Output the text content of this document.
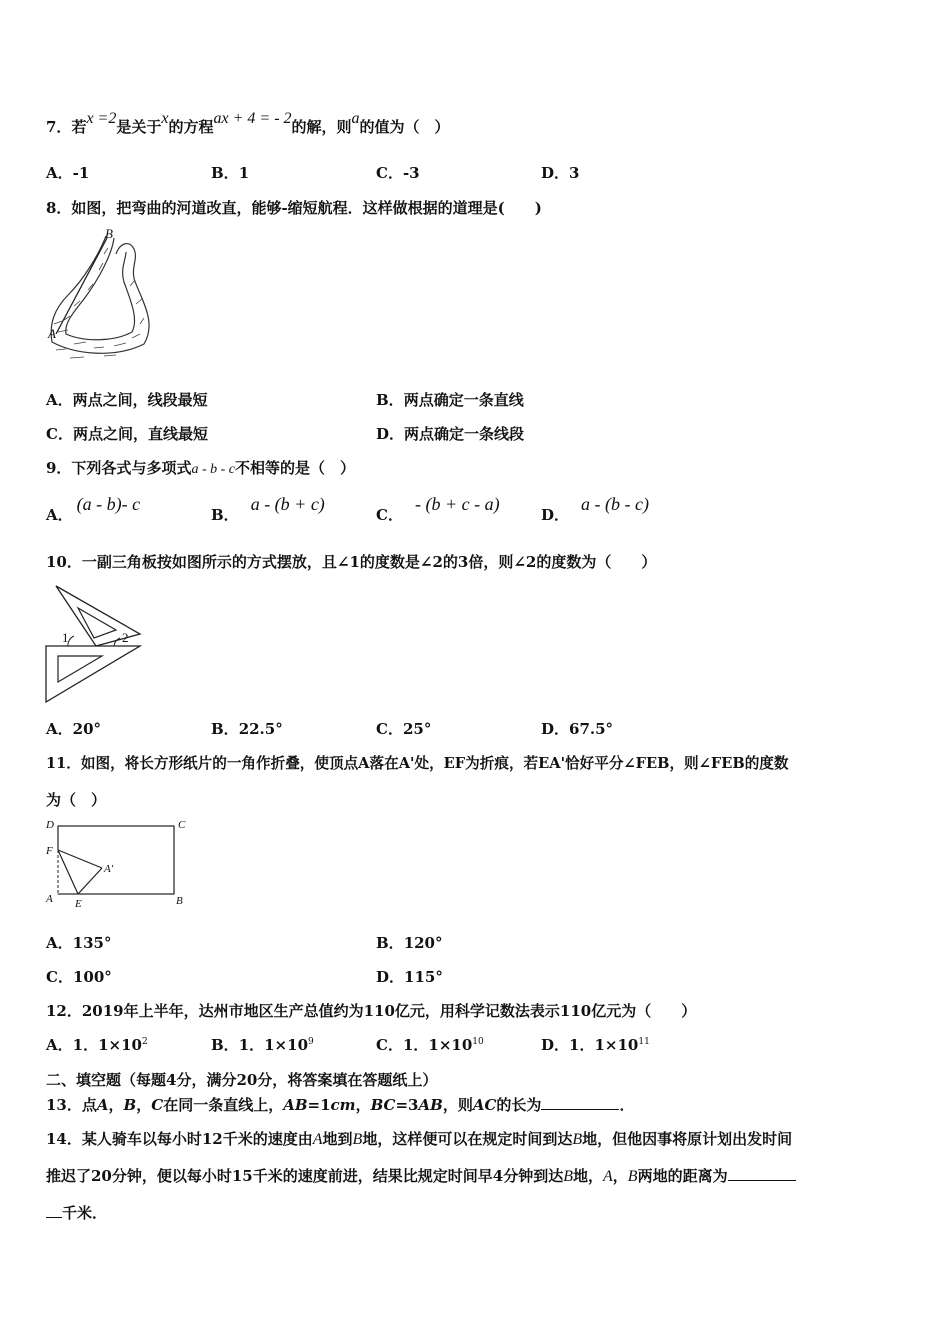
7．若x =2是关于x的方程ax + 4 = - 2的解，则a的值为（　）
A．-1	B．1	C．-3	D．3
8．如图，把弯曲的河道改直，能够-缩短航程．这样做根据的道理是(　　)
B
A
A．两点之间，线段最短	B．两点确定一条直线
C．两点之间，直线最短	D．两点确定一条线段
9．下列各式与多项式a - b - c不相等的是（　）
A．(a - b)- c
B．a - (b + c)
C．- (b + c - a)
D．a - (b - c)
10．一副三角板按如图所示的方式摆放，且∠1的度数是∠2的3倍，则∠2的度数为（　　）
1	2
A．20°	B．22.5°	C．25°	D．67.5°
11．如图，将长方形纸片的一角作折叠，使顶点A落在A'处，EF为折痕，若EA'恰好平分∠FEB，则∠FEB的度数
为（　）
D	C
F
A'
A E	B
A．135°	B．120°
C．100°	D．115°
12．2019年上半年，达州市地区生产总值约为110亿元，用科学记数法表示110亿元为（　　）
A．1．$1\times 10^2$	B．1．$1\times 10^9$	C．1．$1\times 10^{10}$	D．1．$1\times 10^{11}$
二、填空题（每题4分，满分20分，将答案填在答题纸上）
13．点A，B，C在同一条直线上，AB=1cm，BC=3AB，则AC的长为	．
14．某人骑车以每小时12千米的速度由A地到B地，这样便可以在规定时间到达B地，但他因事将原计划出发时间
推迟了20分钟，便以每小时15千米的速度前进，结果比规定时间早4分钟到达B地，A，B两地的距离为
千米．
